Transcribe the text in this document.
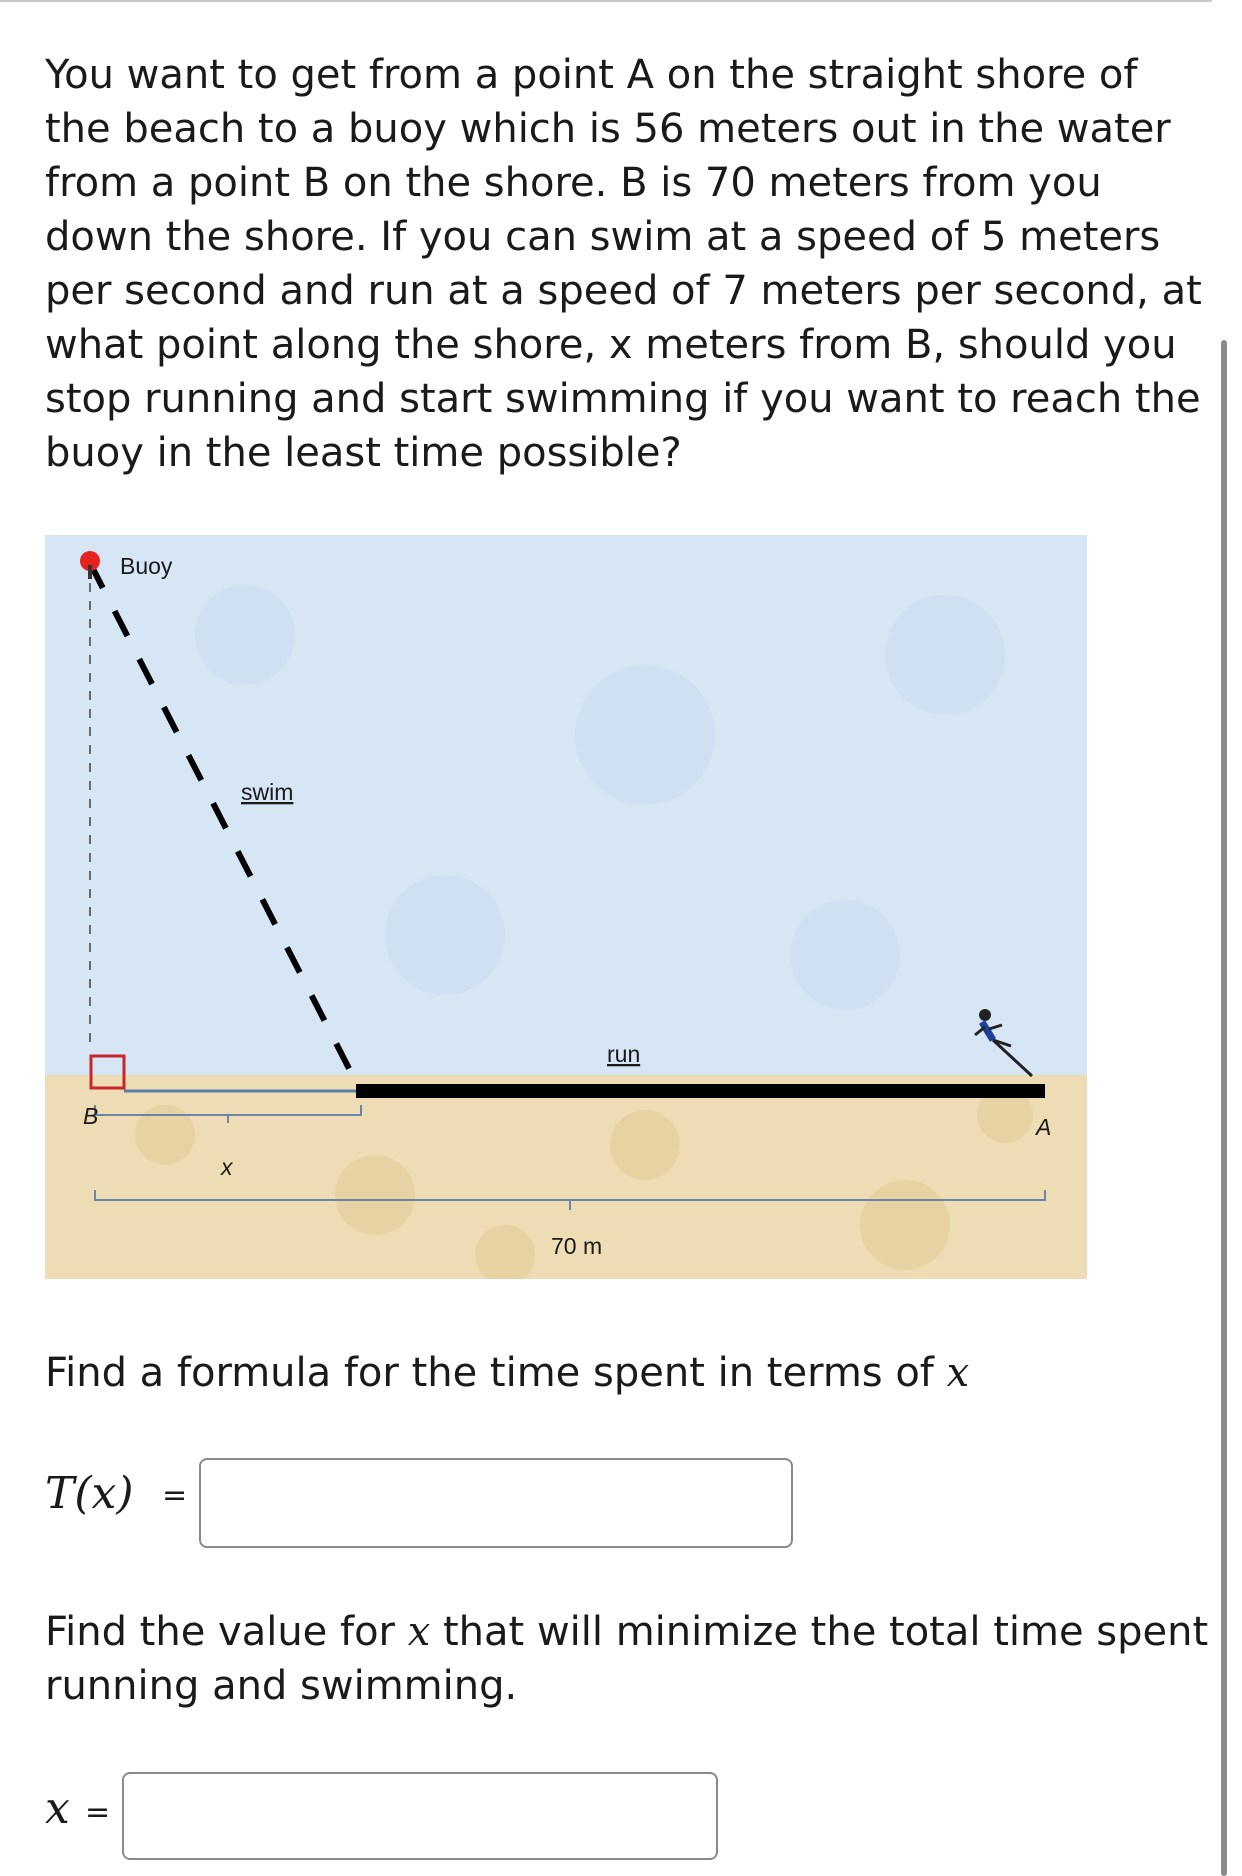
You want to get from a point A on the straight shore of the beach to a buoy which is 56 meters out in the water from a point B on the shore. B is 70 meters from you down the shore. If you can swim at a speed of 5 meters per second and run at a speed of 7 meters per second, at what point along the shore, x meters from B, should you stop running and start swimming if you want to reach the buoy in the least time possible?

Buoy
swim
run
B	A
x
70 m

Find a formula for the time spent in terms of x

T(x) =

Find the value for x that will minimize the total time spent running and swimming.

x =
